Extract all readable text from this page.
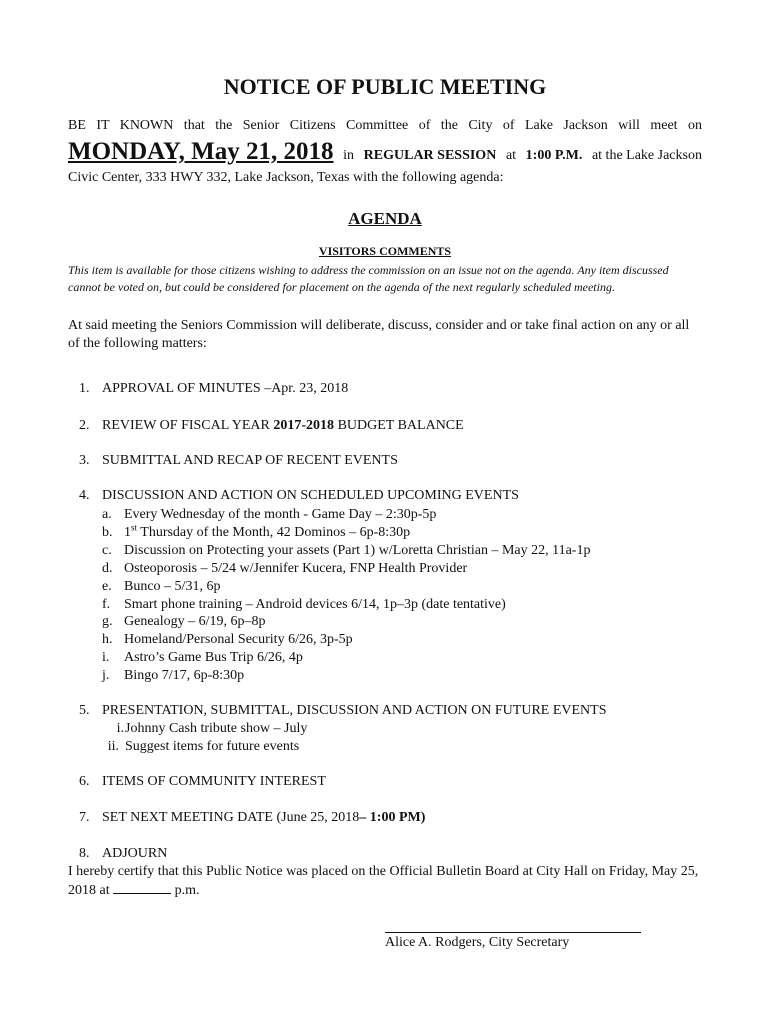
NOTICE OF PUBLIC MEETING
BE IT KNOWN that the Senior Citizens Committee of the City of Lake Jackson will meet on
MONDAY, May 21, 2018 in REGULAR SESSION at 1:00 P.M. at the Lake Jackson
Civic Center, 333 HWY 332, Lake Jackson, Texas with the following agenda:
AGENDA
VISITORS COMMENTS
This item is available for those citizens wishing to address the commission on an issue not on the agenda. Any item discussed cannot be voted on, but could be considered for placement on the agenda of the next regularly scheduled meeting.
At said meeting the Seniors Commission will deliberate, discuss, consider and or take final action on any or all of the following matters:
1. APPROVAL OF MINUTES –Apr. 23, 2018
2. REVIEW OF FISCAL YEAR 2017-2018 BUDGET BALANCE
3. SUBMITTAL AND RECAP OF RECENT EVENTS
4. DISCUSSION AND ACTION ON SCHEDULED UPCOMING EVENTS
a. Every Wednesday of the month - Game Day – 2:30p-5p
b. 1st Thursday of the Month, 42 Dominos – 6p-8:30p
c. Discussion on Protecting your assets (Part 1) w/Loretta Christian – May 22, 11a-1p
d. Osteoporosis – 5/24 w/Jennifer Kucera, FNP Health Provider
e. Bunco – 5/31, 6p
f. Smart phone training – Android devices 6/14, 1p–3p (date tentative)
g. Genealogy – 6/19, 6p–8p
h. Homeland/Personal Security 6/26, 3p-5p
i. Astro’s Game Bus Trip 6/26, 4p
j. Bingo 7/17, 6p-8:30p
5. PRESENTATION, SUBMITTAL, DISCUSSION AND ACTION ON FUTURE EVENTS
i. Johnny Cash tribute show – July
ii. Suggest items for future events
6. ITEMS OF COMMUNITY INTEREST
7. SET NEXT MEETING DATE (June 25, 2018– 1:00 PM)
8. ADJOURN
I hereby certify that this Public Notice was placed on the Official Bulletin Board at City Hall on Friday, May 25, 2018 at	p.m.
Alice A. Rodgers, City Secretary
